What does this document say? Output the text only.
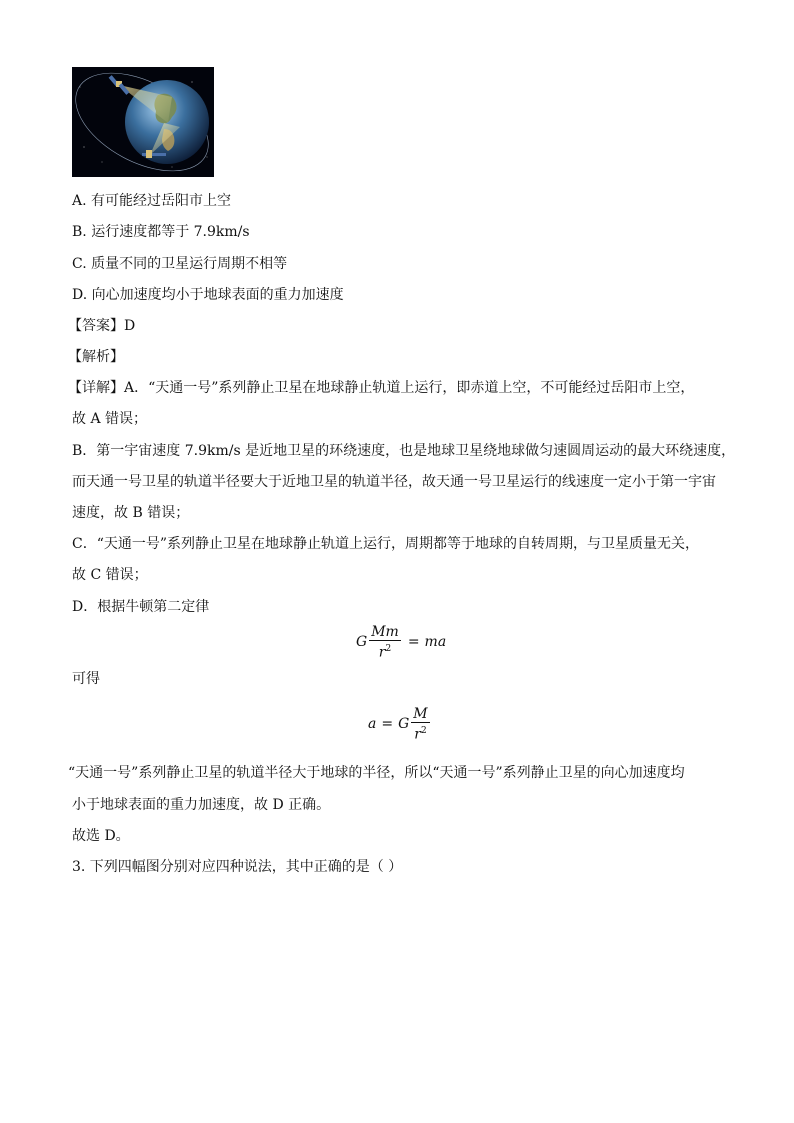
A. 有可能经过岳阳市上空
B. 运行速度都等于 7.9km/s
C. 质量不同的卫星运行周期不相等
D. 向心加速度均小于地球表面的重力加速度
【答案】D
【解析】
【详解】A．“天通一号”系列静止卫星在地球静止轨道上运行，即赤道上空，不可能经过岳阳市上空，
故 A 错误；
B．第一宇宙速度 7.9km/s 是近地卫星的环绕速度，也是地球卫星绕地球做匀速圆周运动的最大环绕速度，
而天通一号卫星的轨道半径要大于近地卫星的轨道半径，故天通一号卫星运行的线速度一定小于第一宇宙
速度，故 B 错误；
C．“天通一号”系列静止卫星在地球静止轨道上运行，周期都等于地球的自转周期，与卫星质量无关，
故 C 错误；
D．根据牛顿第二定律
G $\frac{Mm}{r^2}$ = ma
可得
a = G $\frac{M}{r^2}$
“天通一号”系列静止卫星的轨道半径大于地球的半径，所以“天通一号”系列静止卫星的向心加速度均
小于地球表面的重力加速度，故 D 正确。
故选 D。
3. 下列四幅图分别对应四种说法，其中正确的是（ ）
